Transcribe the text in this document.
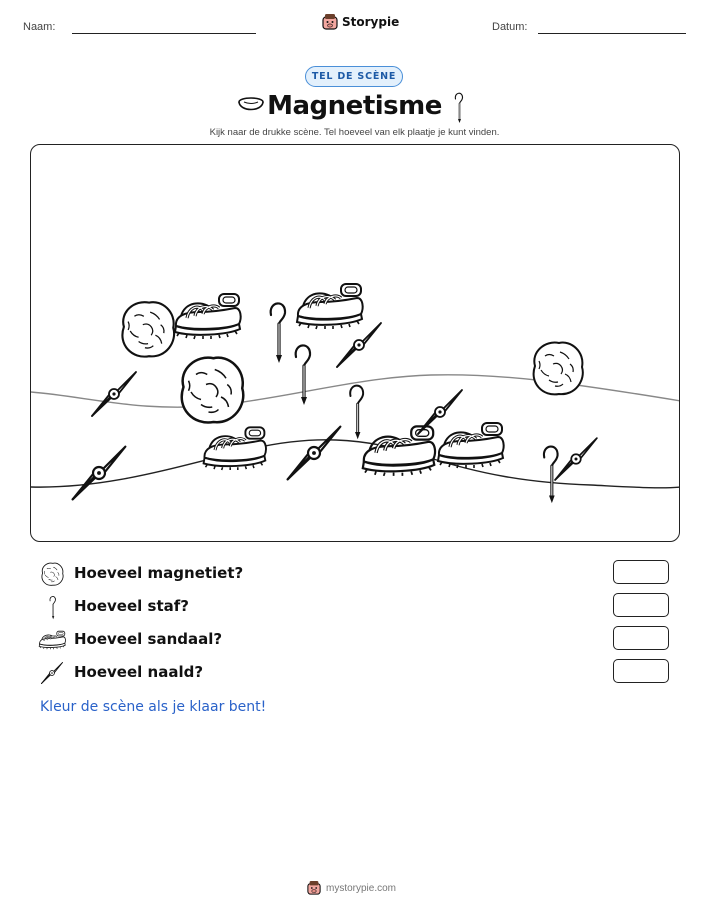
Naam:	Storypie	Datum:
TEL DE SCÈNE
Magnetisme
Kijk naar de drukke scène. Tel hoeveel van elk plaatje je kunt vinden.
Hoeveel magnetiet?
Hoeveel staf?
Hoeveel sandaal?
Hoeveel naald?
Kleur de scène als je klaar bent!
mystorypie.com
